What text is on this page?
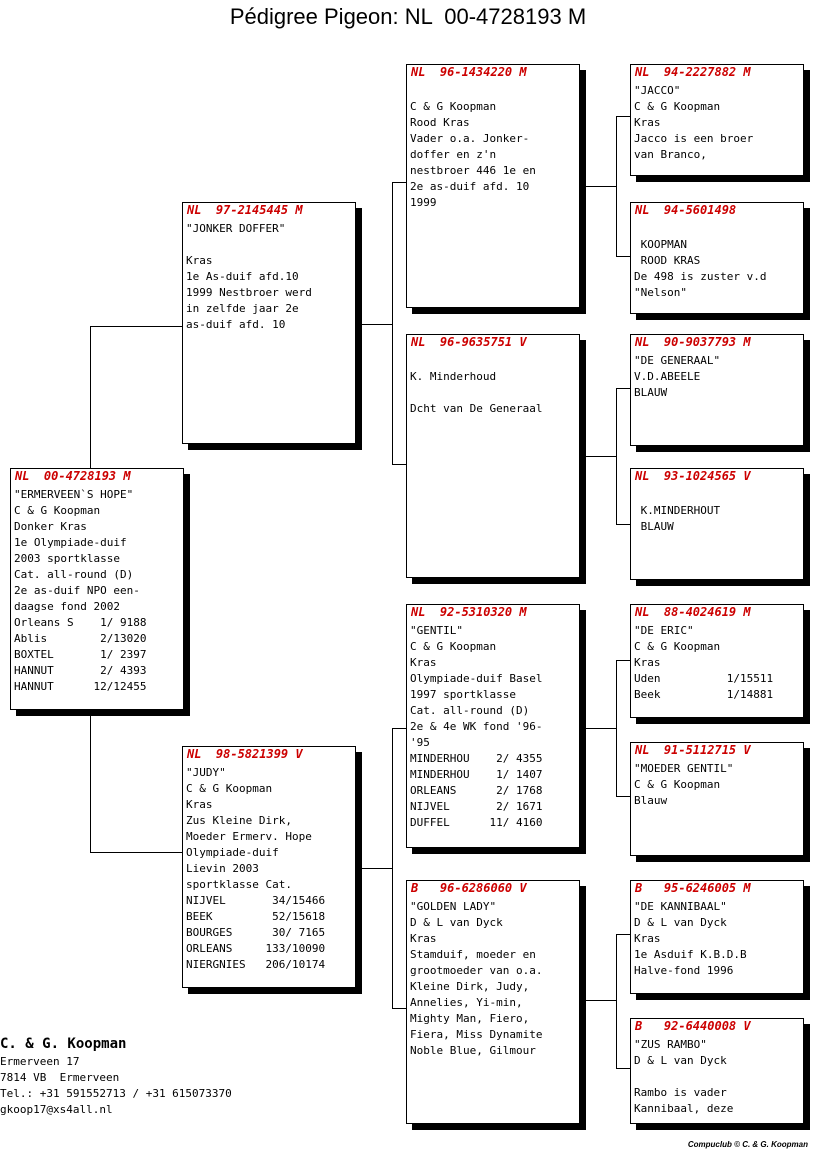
Pédigree Pigeon: NL  00-4728193 M
NL  00-4728193 M
"ERMERVEEN`S HOPE"
C & G Koopman
Donker Kras
1e Olympiade-duif
2003 sportklasse
Cat. all-round (D)
2e as-duif NPO een-
daagse fond 2002
Orleans S    1/ 9188
Ablis        2/13020
BOXTEL       1/ 2397
HANNUT       2/ 4393
HANNUT      12/12455
NL  97-2145445 M
"JONKER DOFFER"
Kras
1e As-duif afd.10
1999 Nestbroer werd
in zelfde jaar 2e
as-duif afd. 10
NL  98-5821399 V
"JUDY"
C & G Koopman
Kras
Zus Kleine Dirk,
Moeder Ermerv. Hope
Olympiade-duif
Lievin 2003
sportklasse Cat.
NIJVEL       34/15466
BEEK         52/15618
BOURGES      30/ 7165
ORLEANS     133/10090
NIERGNIES   206/10174
NL  96-1434220 M
C & G Koopman
Rood Kras
Vader o.a. Jonker-
doffer en z'n
nestbroer 446 1e en
2e as-duif afd. 10
1999
NL  96-9635751 V
K. Minderhoud
Dcht van De Generaal
NL  92-5310320 M
"GENTIL"
C & G Koopman
Kras
Olympiade-duif Basel
1997 sportklasse
Cat. all-round (D)
2e & 4e WK fond '96-
'95
MINDERHOU    2/ 4355
MINDERHOU    1/ 1407
ORLEANS      2/ 1768
NIJVEL       2/ 1671
DUFFEL      11/ 4160
B   96-6286060 V
"GOLDEN LADY"
D & L van Dyck
Kras
Stamduif, moeder en
grootmoeder van o.a.
Kleine Dirk, Judy,
Annelies, Yi-min,
Mighty Man, Fiero,
Fiera, Miss Dynamite
Noble Blue, Gilmour
NL  94-2227882 M
"JACCO"
C & G Koopman
Kras
Jacco is een broer
van Branco,
NL  94-5601498
KOOPMAN
ROOD KRAS
De 498 is zuster v.d
"Nelson"
NL  90-9037793 M
"DE GENERAAL"
V.D.ABEELE
BLAUW
NL  93-1024565 V
K.MINDERHOUT
BLAUW
NL  88-4024619 M
"DE ERIC"
C & G Koopman
Kras
Uden          1/15511
Beek          1/14881
NL  91-5112715 V
"MOEDER GENTIL"
C & G Koopman
Blauw
B   95-6246005 M
"DE KANNIBAAL"
D & L van Dyck
Kras
1e Asduif K.B.D.B
Halve-fond 1996
B   92-6440008 V
"ZUS RAMBO"
D & L van Dyck
Rambo is vader
Kannibaal, deze
C. & G. Koopman
Ermerveen 17
7814 VB  Ermerveen
Tel.: +31 591552713 / +31 615073370
gkoop17@xs4all.nl
Compuclub © C. & G. Koopman
